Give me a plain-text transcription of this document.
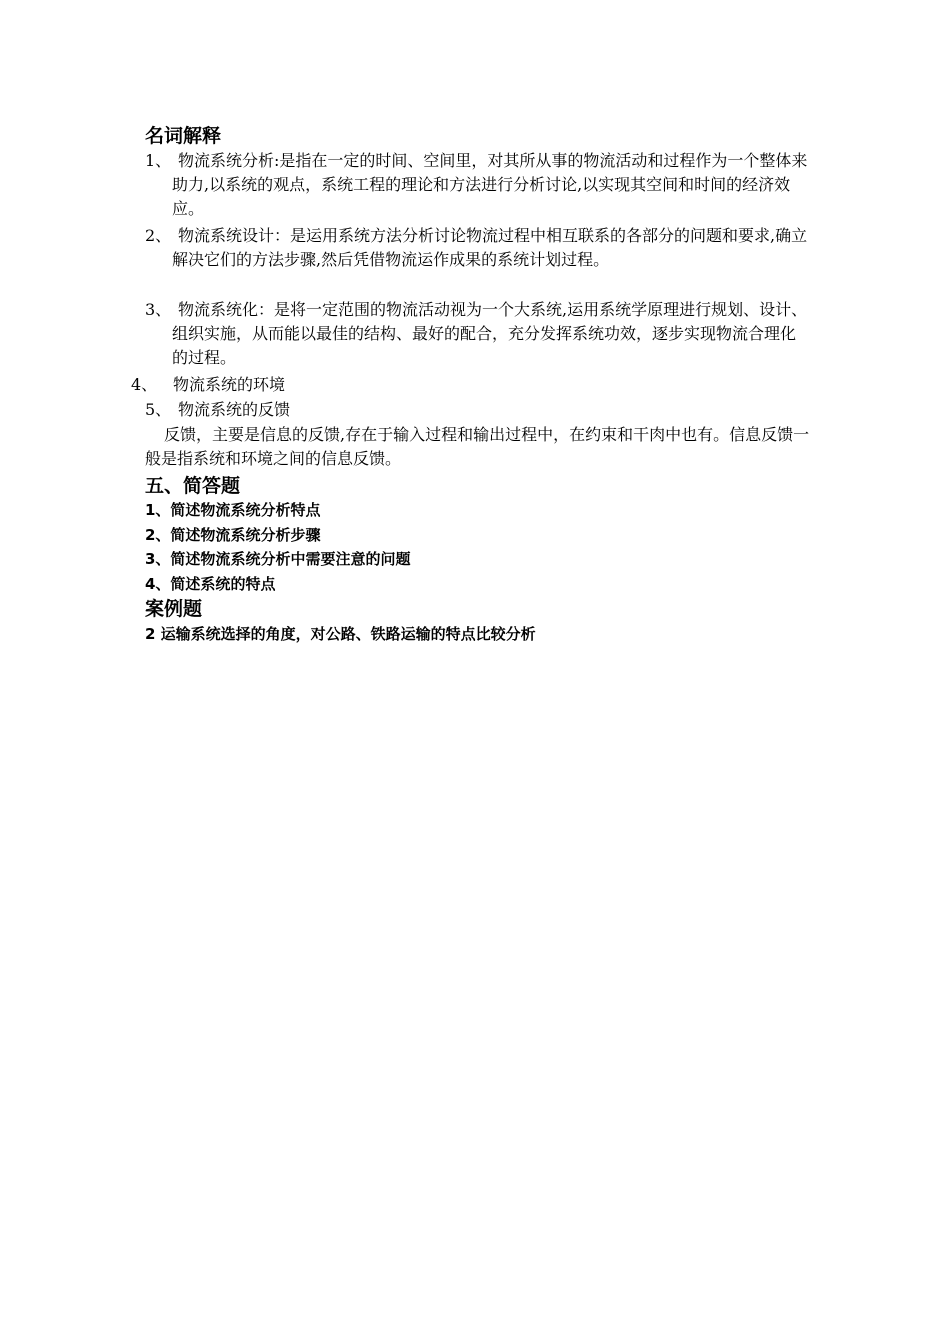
名词解释
1、 物流系统分析:是指在一定的时间、空间里，对其所从事的物流活动和过程作为一个整体来助力,以系统的观点，系统工程的理论和方法进行分析讨论,以实现其空间和时间的经济效应。
2、 物流系统设计：是运用系统方法分析讨论物流过程中相互联系的各部分的问题和要求,确立解决它们的方法步骤,然后凭借物流运作成果的系统计划过程。
3、 物流系统化：是将一定范围的物流活动视为一个大系统,运用系统学原理进行规划、设计、组织实施，从而能以最佳的结构、最好的配合，充分发挥系统功效，逐步实现物流合理化的过程。
4、 物流系统的环境
5、 物流系统的反馈
反馈，主要是信息的反馈,存在于输入过程和输出过程中，在约束和干肉中也有。信息反馈一般是指系统和环境之间的信息反馈。
五、简答题
1、简述物流系统分析特点
2、简述物流系统分析步骤
3、简述物流系统分析中需要注意的问题
4、简述系统的特点
案例题
2 运输系统选择的角度，对公路、铁路运输的特点比较分析
